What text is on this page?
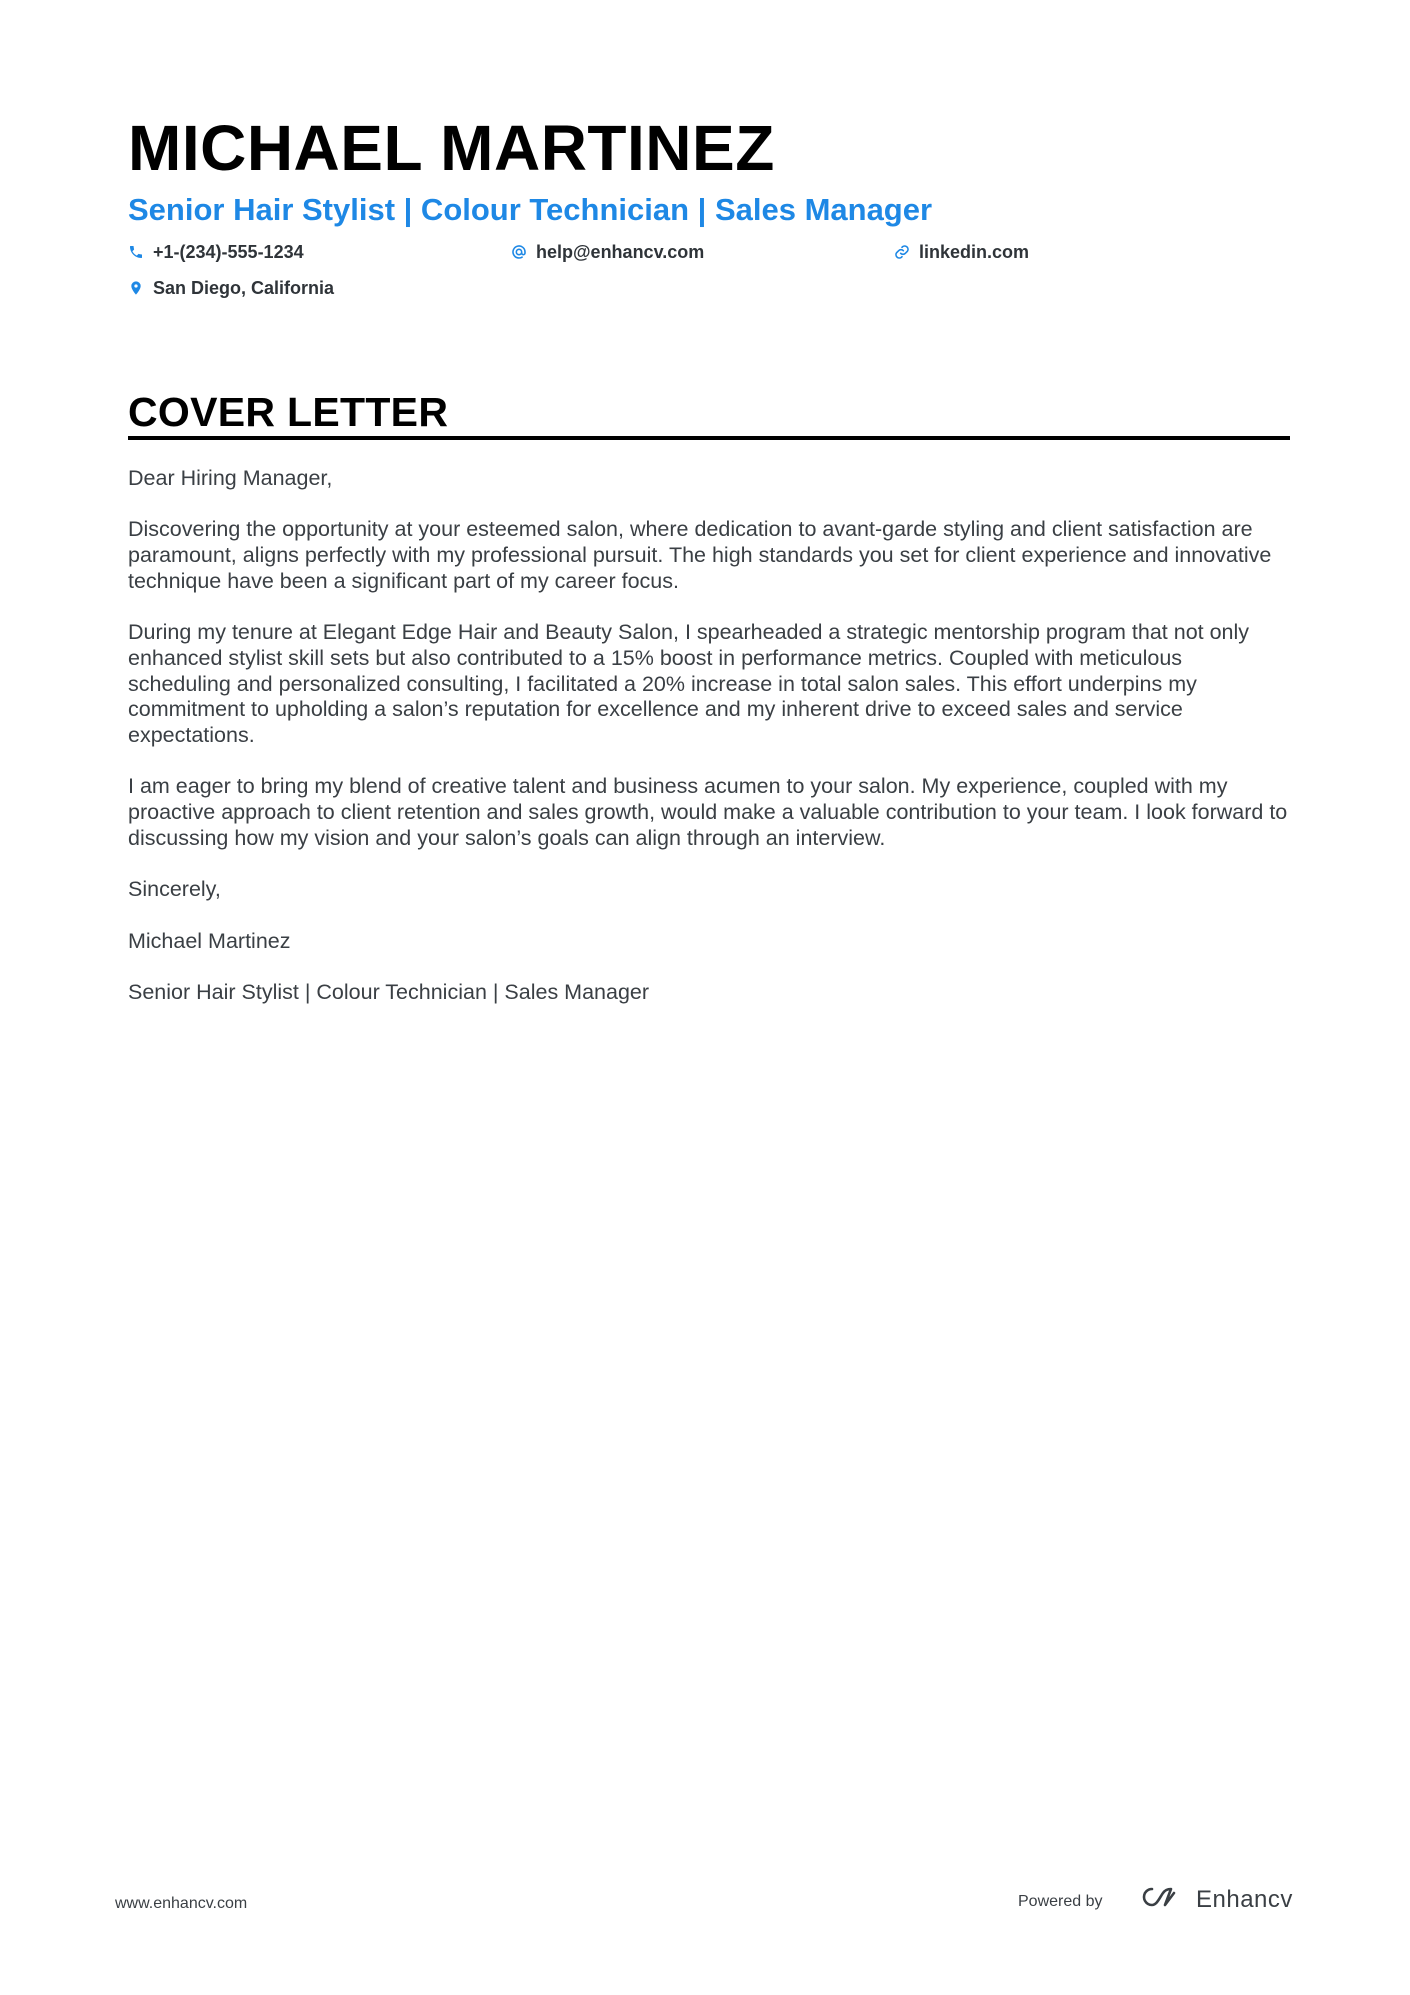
MICHAEL MARTINEZ
Senior Hair Stylist | Colour Technician | Sales Manager
+1-(234)-555-1234	help@enhancv.com	linkedin.com
San Diego, California
COVER LETTER

Dear Hiring Manager,

Discovering the opportunity at your esteemed salon, where dedication to avant-garde styling and client satisfaction are paramount, aligns perfectly with my professional pursuit. The high standards you set for client experience and innovative technique have been a significant part of my career focus.

During my tenure at Elegant Edge Hair and Beauty Salon, I spearheaded a strategic mentorship program that not only enhanced stylist skill sets but also contributed to a 15% boost in performance metrics. Coupled with meticulous scheduling and personalized consulting, I facilitated a 20% increase in total salon sales. This effort underpins my commitment to upholding a salon’s reputation for excellence and my inherent drive to exceed sales and service expectations.

I am eager to bring my blend of creative talent and business acumen to your salon. My experience, coupled with my proactive approach to client retention and sales growth, would make a valuable contribution to your team. I look forward to discussing how my vision and your salon’s goals can align through an interview.

Sincerely,

Michael Martinez

Senior Hair Stylist | Colour Technician | Sales Manager

www.enhancv.com	Powered by	Enhancv
